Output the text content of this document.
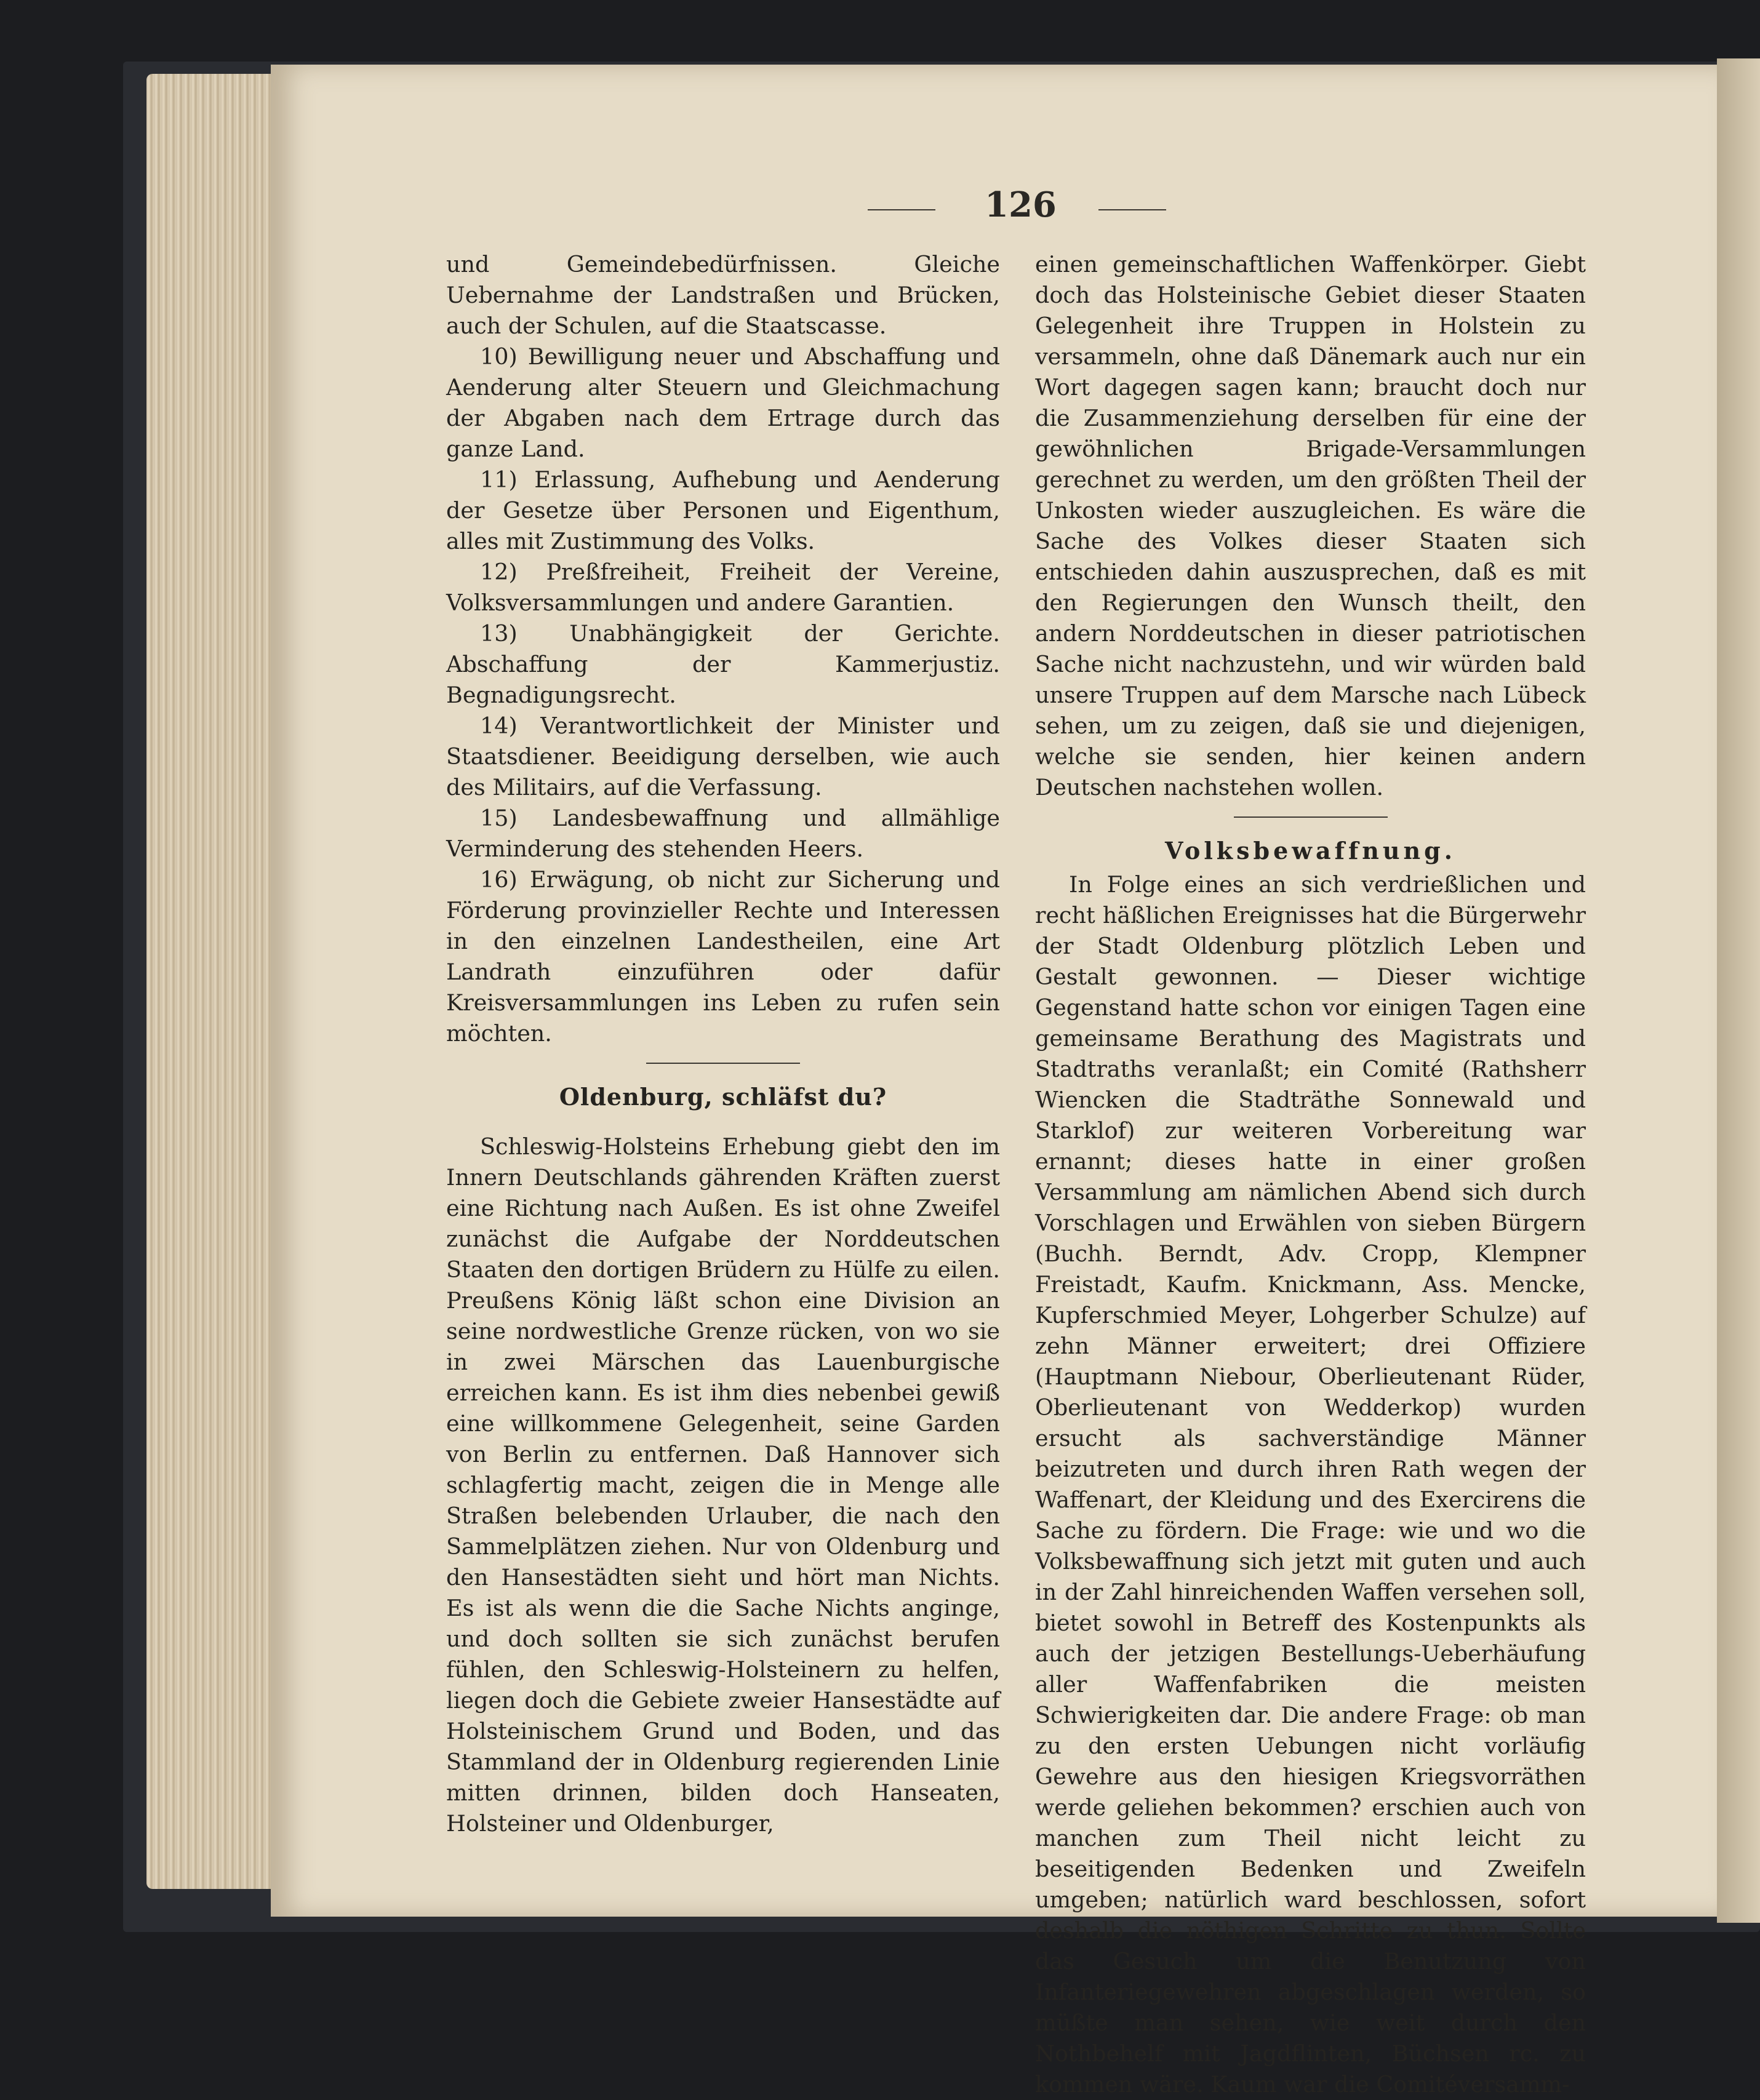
126

und Gemeindebedürfnissen. Gleiche Uebernahme der Landstraßen und Brücken, auch der Schulen, auf die Staatscasse.

10) Bewilligung neuer und Abschaffung und Aenderung alter Steuern und Gleichmachung der Abgaben nach dem Ertrage durch das ganze Land.

11) Erlassung, Aufhebung und Aenderung der Gesetze über Personen und Eigenthum, alles mit Zustimmung des Volks.

12) Preßfreiheit, Freiheit der Vereine, Volksversammlungen und andere Garantien.

13) Unabhängigkeit der Gerichte. Abschaffung der Kammerjustiz. Begnadigungsrecht.

14) Verantwortlichkeit der Minister und Staatsdiener. Beeidigung derselben, wie auch des Militairs, auf die Verfassung.

15) Landesbewaffnung und allmählige Verminderung des stehenden Heers.

16) Erwägung, ob nicht zur Sicherung und Förderung provinzieller Rechte und Interessen in den einzelnen Landestheilen, eine Art Landrath einzuführen oder dafür Kreisversammlungen ins Leben zu rufen sein möchten.

Oldenburg, schläfst du?

Schleswig-Holsteins Erhebung giebt den im Innern Deutschlands gährenden Kräften zuerst eine Richtung nach Außen. Es ist ohne Zweifel zunächst die Aufgabe der Norddeutschen Staaten den dortigen Brüdern zu Hülfe zu eilen. Preußens König läßt schon eine Division an seine nordwestliche Grenze rücken, von wo sie in zwei Märschen das Lauenburgische erreichen kann. Es ist ihm dies nebenbei gewiß eine willkommene Gelegenheit, seine Garden von Berlin zu entfernen. Daß Hannover sich schlagfertig macht, zeigen die in Menge alle Straßen belebenden Urlauber, die nach den Sammelplätzen ziehen. Nur von Oldenburg und den Hansestädten sieht und hört man Nichts. Es ist als wenn die die Sache Nichts anginge, und doch sollten sie sich zunächst berufen fühlen, den Schleswig-Holsteinern zu helfen, liegen doch die Gebiete zweier Hansestädte auf Holsteinischem Grund und Boden, und das Stammland der in Oldenburg regierenden Linie mitten drinnen, bilden doch Hanseaten, Holsteiner und Oldenburger,

einen gemeinschaftlichen Waffenkörper. Giebt doch das Holsteinische Gebiet dieser Staaten Gelegenheit ihre Truppen in Holstein zu versammeln, ohne daß Dänemark auch nur ein Wort dagegen sagen kann; braucht doch nur die Zusammenziehung derselben für eine der gewöhnlichen Brigade-Versammlungen gerechnet zu werden, um den größten Theil der Unkosten wieder auszugleichen. Es wäre die Sache des Volkes dieser Staaten sich entschieden dahin auszusprechen, daß es mit den Regierungen den Wunsch theilt, den andern Norddeutschen in dieser patriotischen Sache nicht nachzustehn, und wir würden bald unsere Truppen auf dem Marsche nach Lübeck sehen, um zu zeigen, daß sie und diejenigen, welche sie senden, hier keinen andern Deutschen nachstehen wollen.

Volksbewaffnung.

In Folge eines an sich verdrießlichen und recht häßlichen Ereignisses hat die Bürgerwehr der Stadt Oldenburg plötzlich Leben und Gestalt gewonnen. — Dieser wichtige Gegenstand hatte schon vor einigen Tagen eine gemeinsame Berathung des Magistrats und Stadtraths veranlaßt; ein Comité (Rathsherr Wiencken die Stadträthe Sonnewald und Starklof) zur weiteren Vorbereitung war ernannt; dieses hatte in einer großen Versammlung am nämlichen Abend sich durch Vorschlagen und Erwählen von sieben Bürgern (Buchh. Berndt, Adv. Cropp, Klempner Freistadt, Kaufm. Knickmann, Ass. Mencke, Kupferschmied Meyer, Lohgerber Schulze) auf zehn Männer erweitert; drei Offiziere (Hauptmann Niebour, Oberlieutenant Rüder, Oberlieutenant von Wedderkop) wurden ersucht als sachverständige Männer beizutreten und durch ihren Rath wegen der Waffenart, der Kleidung und des Exercirens die Sache zu fördern. Die Frage: wie und wo die Volksbewaffnung sich jetzt mit guten und auch in der Zahl hinreichenden Waffen versehen soll, bietet sowohl in Betreff des Kostenpunkts als auch der jetzigen Bestellungs-Ueberhäufung aller Waffenfabriken die meisten Schwierigkeiten dar. Die andere Frage: ob man zu den ersten Uebungen nicht vorläufig Gewehre aus den hiesigen Kriegsvorräthen werde geliehen bekommen? erschien auch von manchen zum Theil nicht leicht zu beseitigenden Bedenken und Zweifeln umgeben; natürlich ward beschlossen, sofort deshalb die nöthigen Schritte zu thun. Sollte das Gesuch um die Benutzung von Infanteriegewehren abgeschlagen werden, so müßte man sehen, wie weit durch den Nothbehelf mit Jagdflinten, Büchsen rc. zu kommen wäre. Kaum war die Comitéversamm-
